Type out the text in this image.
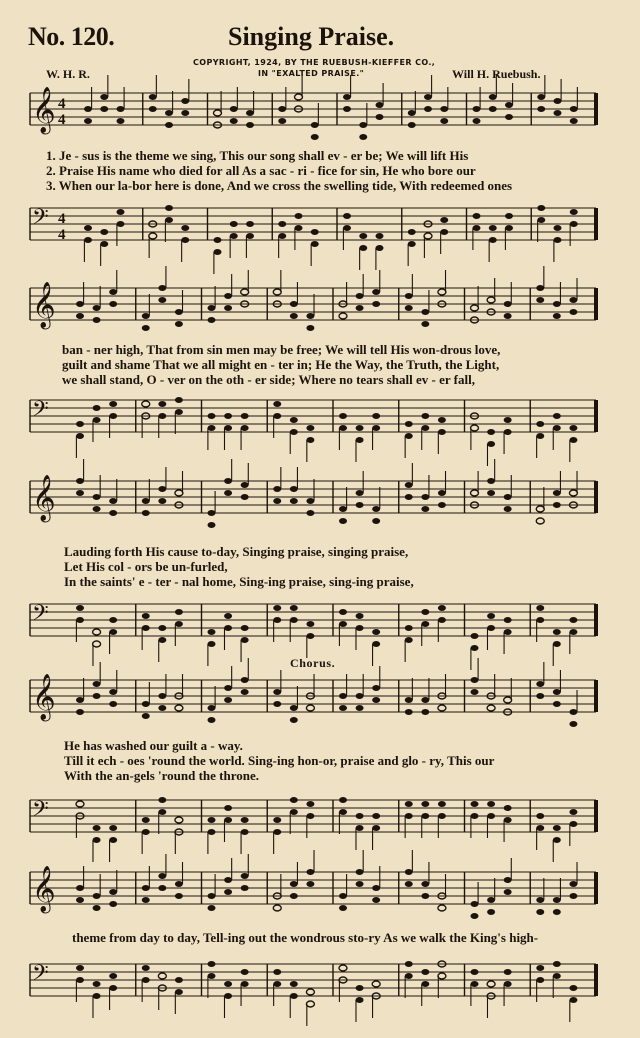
No. 120.	Singing Praise.
COPYRIGHT, 1924, BY THE RUEBUSH-KIEFFER CO.,
IN "EXALTED PRAISE."
W. H. R.	Will H. Ruebush.
𝄞 4
4
1. Je - sus is the theme we sing, This our song shall ev - er be; We will lift His
2. Praise His name who died for all As a sac - ri - fice for sin, He who bore our
3. When our la-bor here is done, And we cross the swelling tide, With redeemed ones
𝄢 4
4
𝄞
ban - ner high, That from sin men may be free; We will tell His won-drous love,
guilt and shame That we all might en - ter in; He the Way, the Truth, the Light,
we shall stand, O - ver on the oth - er side; Where no tears shall ev - er fall,
𝄢
𝄞
Lauding forth His cause to-day, Singing praise, singing praise,
Let His col - ors be un-furled,
In the saints' e - ter - nal home, Sing-ing praise, sing-ing praise,
𝄢
Chorus.
𝄞
He has washed our guilt a - way.
Till it ech - oes 'round the world. Sing-ing hon-or, praise and glo - ry, This our
With the an-gels 'round the throne.
𝄢
𝄞
theme from day to day, Tell-ing out the wondrous sto-ry As we walk the King's high-
𝄢
